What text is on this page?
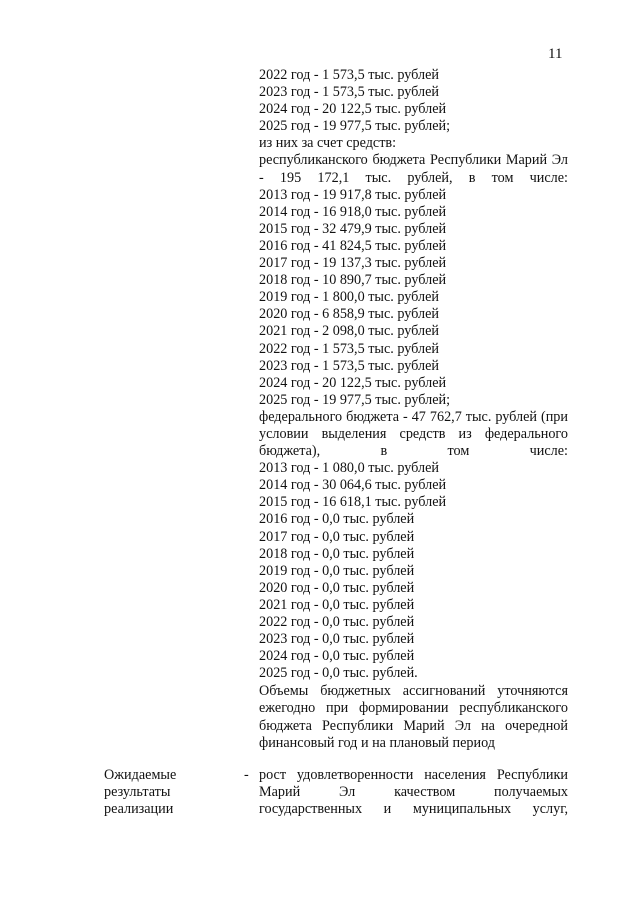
11
2022 год - 1 573,5 тыс. рублей
2023 год - 1 573,5 тыс. рублей
2024 год - 20 122,5 тыс. рублей
2025 год - 19 977,5 тыс. рублей;
из них за счет средств:
республиканского бюджета Республики Марий Эл - 195 172,1 тыс. рублей, в том числе:
2013 год - 19 917,8 тыс. рублей
2014 год - 16 918,0 тыс. рублей
2015 год - 32 479,9 тыс. рублей
2016 год - 41 824,5 тыс. рублей
2017 год - 19 137,3 тыс. рублей
2018 год - 10 890,7 тыс. рублей
2019 год - 1 800,0 тыс. рублей
2020 год - 6 858,9 тыс. рублей
2021 год - 2 098,0 тыс. рублей
2022 год - 1 573,5 тыс. рублей
2023 год - 1 573,5 тыс. рублей
2024 год - 20 122,5 тыс. рублей
2025 год - 19 977,5 тыс. рублей;
федерального бюджета - 47 762,7 тыс. рублей (при условии выделения средств из федерального бюджета), в том числе:
2013 год - 1 080,0 тыс. рублей
2014 год - 30 064,6 тыс. рублей
2015 год - 16 618,1 тыс. рублей
2016 год - 0,0 тыс. рублей
2017 год - 0,0 тыс. рублей
2018 год - 0,0 тыс. рублей
2019 год - 0,0 тыс. рублей
2020 год - 0,0 тыс. рублей
2021 год - 0,0 тыс. рублей
2022 год - 0,0 тыс. рублей
2023 год - 0,0 тыс. рублей
2024 год - 0,0 тыс. рублей
2025 год - 0,0 тыс. рублей.
Объемы бюджетных ассигнований уточняются ежегодно при формировании республиканского бюджета Республики Марий Эл на очередной финансовый год и на плановый период
Ожидаемые
результаты
реализации
- рост удовлетворенности населения Республики Марий Эл качеством получаемых государственных и муниципальных услуг,
